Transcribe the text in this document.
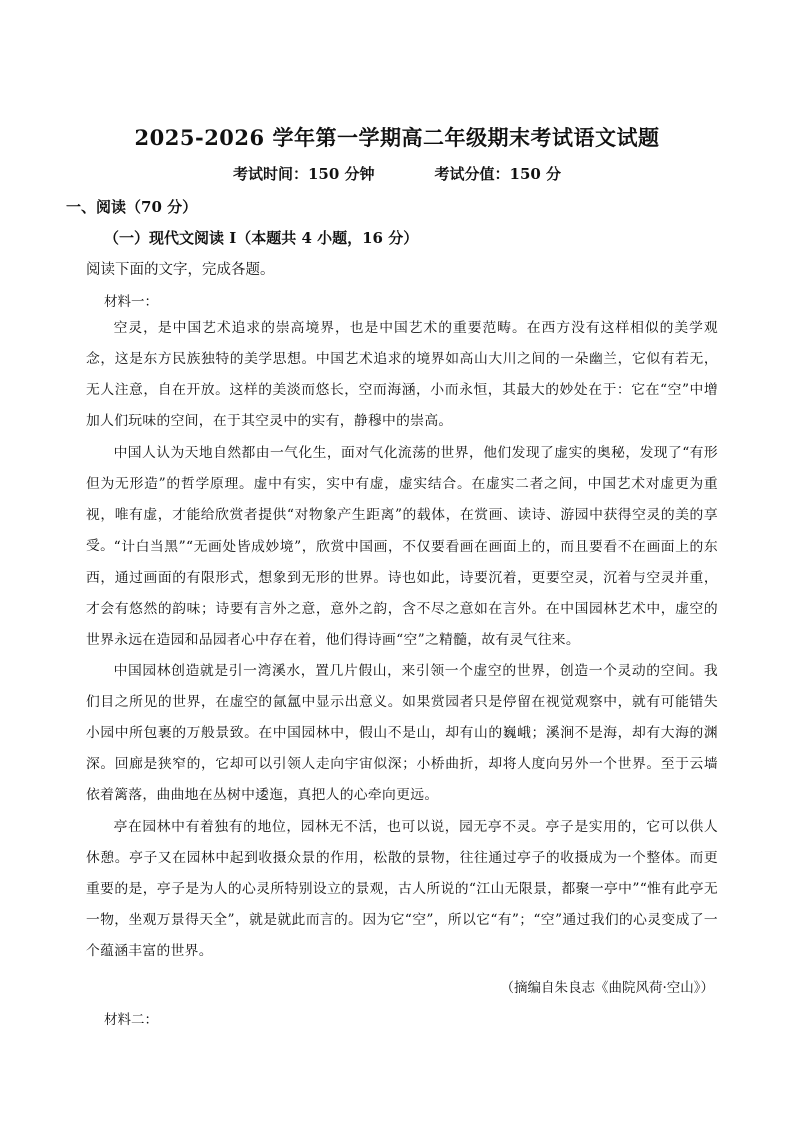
2025-2026 学年第一学期高二年级期末考试语文试题
考试时间：150 分钟	考试分值：150 分
一、阅读（70 分）
（一）现代文阅读 I（本题共 4 小题，16 分）
阅读下面的文字，完成各题。
材料一：

空灵，是中国艺术追求的崇高境界，也是中国艺术的重要范畴。在西方没有这样相似的美学观念，这是东方民族独特的美学思想。中国艺术追求的境界如高山大川之间的一朵幽兰，它似有若无，无人注意，自在开放。这样的美淡而悠长，空而海涵，小而永恒，其最大的妙处在于：它在“空”中增加人们玩味的空间，在于其空灵中的实有，静穆中的崇高。

中国人认为天地自然都由一气化生，面对气化流荡的世界，他们发现了虚实的奥秘，发现了“有形但为无形造”的哲学原理。虚中有实，实中有虚，虚实结合。在虚实二者之间，中国艺术对虚更为重视，唯有虚，才能给欣赏者提供“对物象产生距离”的载体，在赏画、读诗、游园中获得空灵的美的享受。 “计白当黑”“无画处皆成妙境”，欣赏中国画，不仅要看画在画面上的，而且要看不在画面上的东西，通过画面的有限形式，想象到无形的世界。诗也如此，诗要沉着，更要空灵，沉着与空灵并重，才会有悠然的韵味；诗要有言外之意，意外之韵，含不尽之意如在言外。在中国园林艺术中，虚空的世界永远在造园和品园者心中存在着，他们得诗画“空”之精髓，故有灵气往来。

中国园林创造就是引一湾溪水，置几片假山，来引领一个虚空的世界，创造一个灵动的空间。我们目之所见的世界，在虚空的氤氲中显示出意义。如果赏园者只是停留在视觉观察中，就有可能错失小园中所包裹的万般景致。在中国园林中，假山不是山，却有山的巍峨；溪涧不是海，却有大海的渊深。回廊是狭窄的，它却可以引领人走向宇宙似深；小桥曲折，却将人度向另外一个世界。至于云墙依着篱落，曲曲地在丛树中逶迤，真把人的心牵向更远。

亭在园林中有着独有的地位，园林无不活，也可以说，园无亭不灵。亭子是实用的，它可以供人休憩。亭子又在园林中起到收摄众景的作用，松散的景物，往往通过亭子的收摄成为一个整体。而更重要的是，亭子是为人的心灵所特别设立的景观，古人所说的“江山无限景，都聚一亭中”“惟有此亭无一物，坐观万景得天全”，就是就此而言的。因为它“空”，所以它“有”；“空”通过我们的心灵变成了一个蕴涵丰富的世界。

（摘编自朱良志《曲院风荷·空山》）
材料二：
